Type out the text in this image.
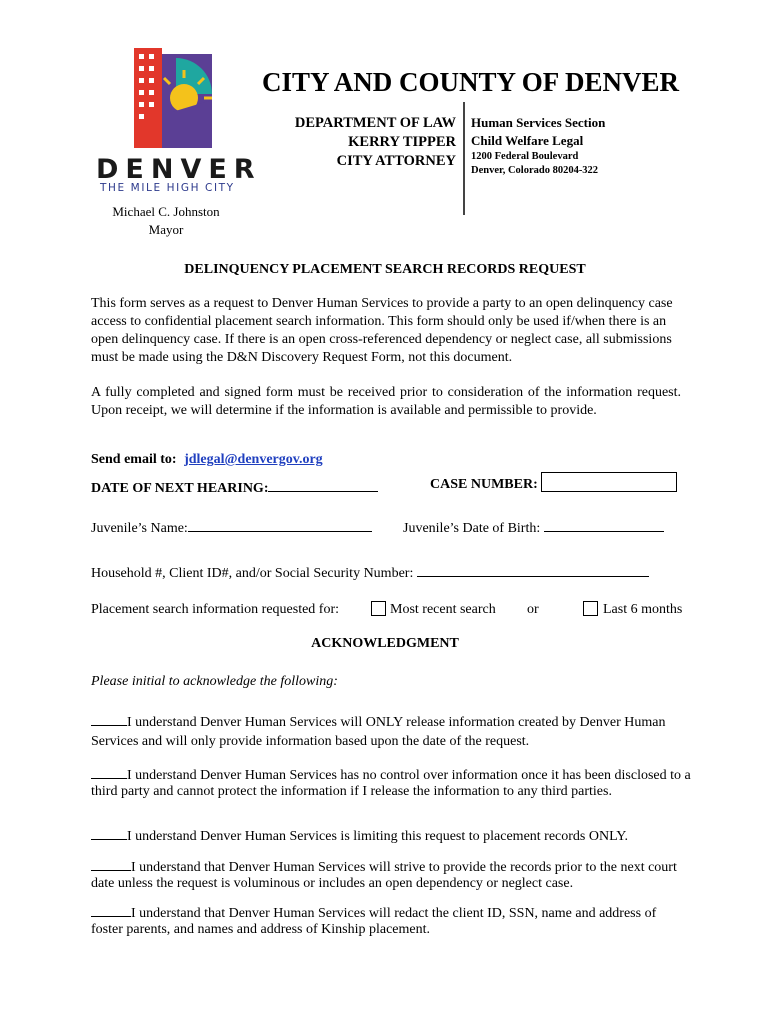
DENVER
THE MILE HIGH CITY
Michael C. Johnston
Mayor
CITY AND COUNTY OF DENVER
DEPARTMENT OF LAW
KERRY TIPPER
CITY ATTORNEY
Human Services Section
Child Welfare Legal
1200 Federal Boulevard
Denver, Colorado 80204-322
DELINQUENCY PLACEMENT SEARCH RECORDS REQUEST
This form serves as a request to Denver Human Services to provide a party to an open delinquency case access to confidential placement search information. This form should only be used if/when there is an open delinquency case. If there is an open cross-referenced dependency or neglect case, all submissions must be made using the D&N Discovery Request Form, not this document.
A fully completed and signed form must be received prior to consideration of the information request. Upon receipt, we will determine if the information is available and permissible to provide.
Send email to: jdlegal@denvergov.org
DATE OF NEXT HEARING:	CASE NUMBER:
Juvenile’s Name:	Juvenile’s Date of Birth:
Household #, Client ID#, and/or Social Security Number:
Placement search information requested for:	Most recent search or	Last 6 months
ACKNOWLEDGMENT
Please initial to acknowledge the following:
I understand Denver Human Services will ONLY release information created by Denver Human Services and will only provide information based upon the date of the request.
I understand Denver Human Services has no control over information once it has been disclosed to a third party and cannot protect the information if I release the information to any third parties.
I understand Denver Human Services is limiting this request to placement records ONLY.
I understand that Denver Human Services will strive to provide the records prior to the next court date unless the request is voluminous or includes an open dependency or neglect case.
I understand that Denver Human Services will redact the client ID, SSN, name and address of foster parents, and names and address of Kinship placement.
